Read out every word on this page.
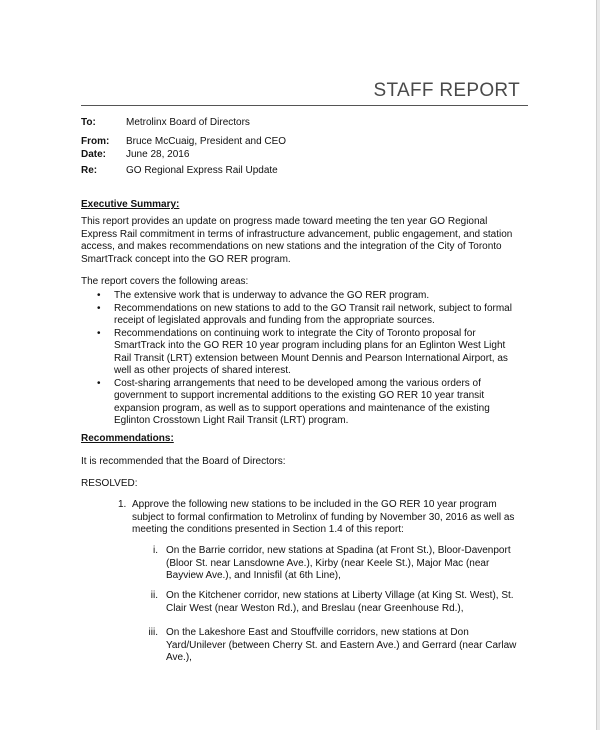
STAFF REPORT
To:	Metrolinx Board of Directors
From:	Bruce McCuaig, President and CEO
Date:	June 28, 2016
Re:	GO Regional Express Rail Update
Executive Summary:
This report provides an update on progress made toward meeting the ten year GO Regional Express Rail commitment in terms of infrastructure advancement, public engagement, and station access, and makes recommendations on new stations and the integration of the City of Toronto SmartTrack concept into the GO RER program.
The report covers the following areas:
• The extensive work that is underway to advance the GO RER program.
• Recommendations on new stations to add to the GO Transit rail network, subject to formal receipt of legislated approvals and funding from the appropriate sources.
• Recommendations on continuing work to integrate the City of Toronto proposal for SmartTrack into the GO RER 10 year program including plans for an Eglinton West Light Rail Transit (LRT) extension between Mount Dennis and Pearson International Airport, as well as other projects of shared interest.
• Cost-sharing arrangements that need to be developed among the various orders of government to support incremental additions to the existing GO RER 10 year transit expansion program, as well as to support operations and maintenance of the existing Eglinton Crosstown Light Rail Transit (LRT) program.
Recommendations:
It is recommended that the Board of Directors:
RESOLVED:
1. Approve the following new stations to be included in the GO RER 10 year program subject to formal confirmation to Metrolinx of funding by November 30, 2016 as well as meeting the conditions presented in Section 1.4 of this report:
i. On the Barrie corridor, new stations at Spadina (at Front St.), Bloor-Davenport (Bloor St. near Lansdowne Ave.), Kirby (near Keele St.), Major Mac (near Bayview Ave.), and Innisfil (at 6th Line),
ii. On the Kitchener corridor, new stations at Liberty Village (at King St. West), St. Clair West (near Weston Rd.), and Breslau (near Greenhouse Rd.),
iii. On the Lakeshore East and Stouffville corridors, new stations at Don Yard/Unilever (between Cherry St. and Eastern Ave.) and Gerrard (near Carlaw Ave.),
